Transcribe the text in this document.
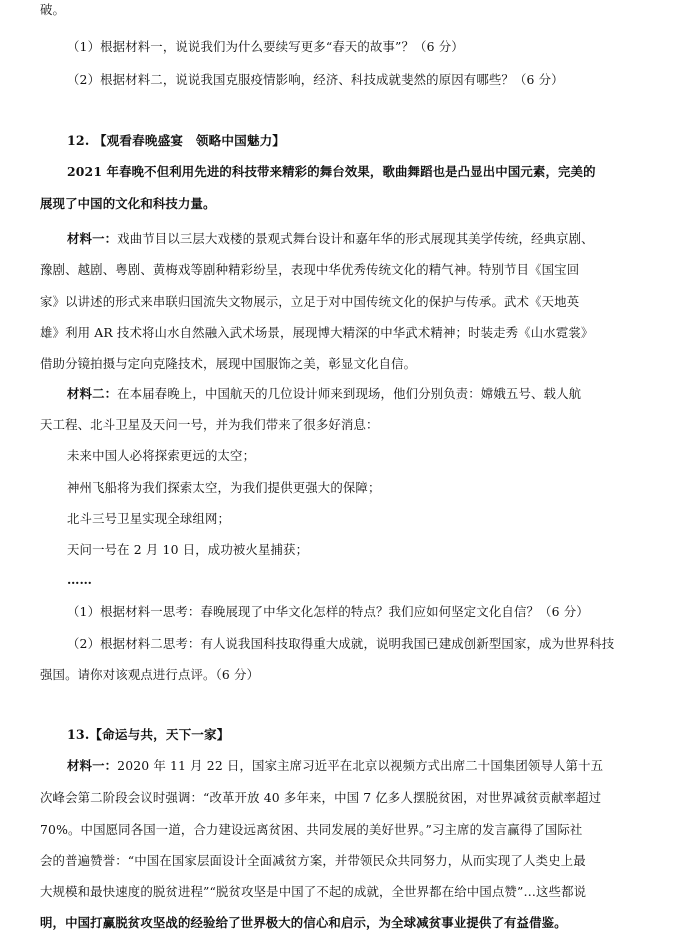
破。
（1）根据材料一，说说我们为什么要续写更多“春天的故事”？（6 分）
（2）根据材料二，说说我国克服疫情影响，经济、科技成就斐然的原因有哪些？（6 分）
12. 【观看春晚盛宴　领略中国魅力】
2021 年春晚不但利用先进的科技带来精彩的舞台效果，歌曲舞蹈也是凸显出中国元素，完美的
展现了中国的文化和科技力量。
材料一：戏曲节目以三层大戏楼的景观式舞台设计和嘉年华的形式展现其美学传统，经典京剧、
豫剧、越剧、粤剧、黄梅戏等剧种精彩纷呈，表现中华优秀传统文化的精气神。特别节目《国宝回
家》以讲述的形式来串联归国流失文物展示，立足于对中国传统文化的保护与传承。武术《天地英
雄》利用 AR 技术将山水自然融入武术场景，展现博大精深的中华武术精神；时装走秀《山水霓裳》
借助分镜拍摄与定向克隆技术，展现中国服饰之美，彰显文化自信。
材料二：在本届春晚上，中国航天的几位设计师来到现场，他们分别负责：嫦娥五号、载人航
天工程、北斗卫星及天问一号，并为我们带来了很多好消息：
未来中国人必将探索更远的太空；
神州飞船将为我们探索太空，为我们提供更强大的保障；
北斗三号卫星实现全球组网；
天问一号在 2 月 10 日，成功被火星捕获；
……
（1）根据材料一思考：春晚展现了中华文化怎样的特点？我们应如何坚定文化自信？（6 分）
（2）根据材料二思考：有人说我国科技取得重大成就，说明我国已建成创新型国家，成为世界科技
强国。请你对该观点进行点评。（6 分）
13.【命运与共，天下一家】
材料一：2020 年 11 月 22 日，国家主席习近平在北京以视频方式出席二十国集团领导人第十五
次峰会第二阶段会议时强调：“改革开放 40 多年来，中国 7 亿多人摆脱贫困，对世界减贫贡献率超过
70%。中国愿同各国一道，合力建设远离贫困、共同发展的美好世界。”习主席的发言赢得了国际社
会的普遍赞誉：“中国在国家层面设计全面减贫方案，并带领民众共同努力，从而实现了人类史上最
大规模和最快速度的脱贫进程”“脱贫攻坚是中国了不起的成就，全世界都在给中国点赞”…这些都说
明，中国打赢脱贫攻坚战的经验给了世界极大的信心和启示，为全球减贫事业提供了有益借鉴。
